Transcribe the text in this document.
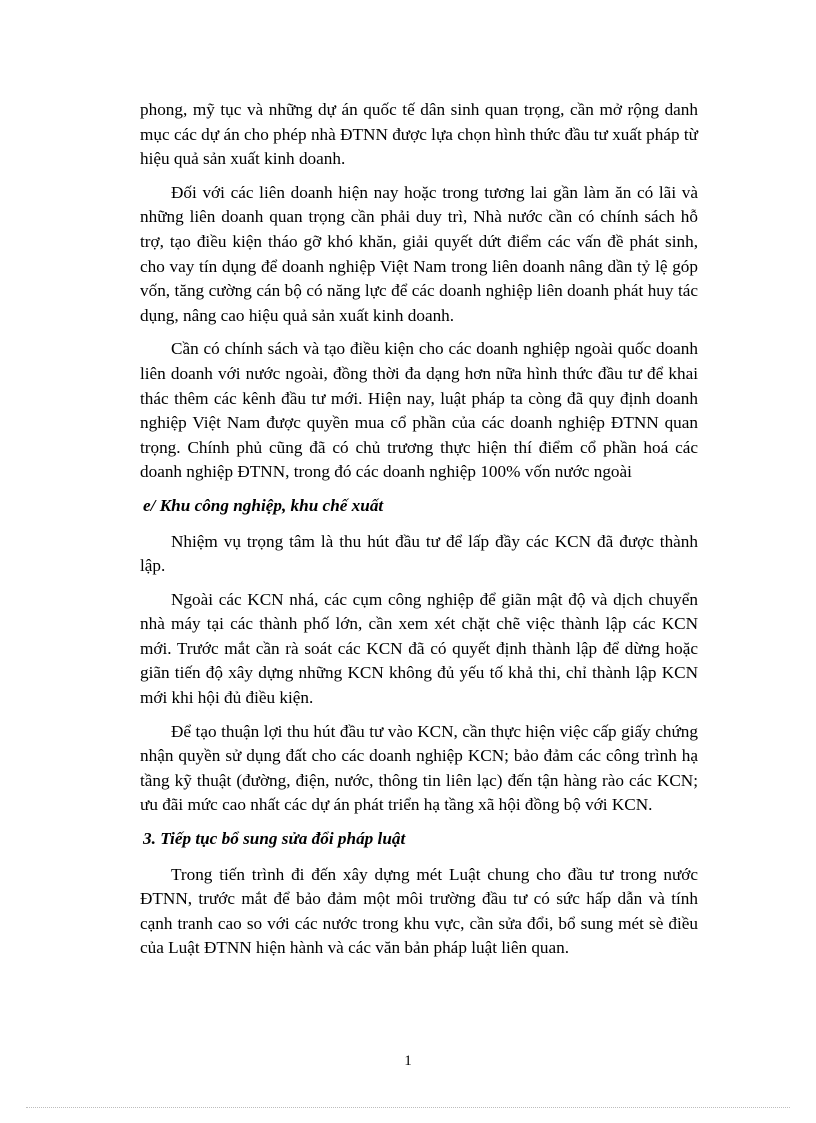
phong, mỹ tục và những dự án quốc tế dân sinh quan trọng, cần mở rộng danh mục các dự án cho phép nhà ĐTNN được lựa chọn hình thức đầu tư xuất pháp từ hiệu quả sản xuất kinh doanh.

Đối với các liên doanh hiện nay hoặc trong tương lai gần làm ăn có lãi và những liên doanh quan trọng cần phải duy trì, Nhà nước cần có chính sách hỗ trợ, tạo điều kiện tháo gỡ khó khăn, giải quyết dứt điểm các vấn đề phát sinh, cho vay tín dụng để doanh nghiệp Việt Nam trong liên doanh nâng dần tỷ lệ góp vốn, tăng cường cán bộ có năng lực để các doanh nghiệp liên doanh phát huy tác dụng, nâng cao hiệu quả sản xuất kinh doanh.

Cần có chính sách và tạo điều kiện cho các doanh nghiệp ngoài quốc doanh liên doanh với nước ngoài, đồng thời đa dạng hơn nữa hình thức đầu tư để khai thác thêm các kênh đầu tư mới. Hiện nay, luật pháp ta còng đã quy định doanh nghiệp Việt Nam được quyền mua cổ phần của các doanh nghiệp ĐTNN quan trọng. Chính phủ cũng đã có chủ trương thực hiện thí điểm cổ phần hoá các doanh nghiệp ĐTNN, trong đó các doanh nghiệp 100% vốn nước ngoài

e/ Khu công nghiệp, khu chế xuất

Nhiệm vụ trọng tâm là thu hút đầu tư để lấp đầy các KCN đã được thành lập.

Ngoài các KCN nhá, các cụm công nghiệp để giãn mật độ và dịch chuyển nhà máy tại các thành phố lớn, cần xem xét chặt chẽ việc thành lập các KCN mới. Trước mắt cần rà soát các KCN đã có quyết định thành lập để dừng hoặc giãn tiến độ xây dựng những KCN không đủ yếu tố khả thi, chỉ thành lập KCN mới khi hội đủ điều kiện.

Để tạo thuận lợi thu hút đầu tư vào KCN, cần thực hiện việc cấp giấy chứng nhận quyền sử dụng đất cho các doanh nghiệp KCN; bảo đảm các công trình hạ tầng kỹ thuật (đường, điện, nước, thông tin liên lạc) đến tận hàng rào các KCN; ưu đãi mức cao nhất các dự án phát triển hạ tầng xã hội đồng bộ với KCN.

3. Tiếp tục bổ sung sửa đổi pháp luật

Trong tiến trình đi đến xây dựng mét Luật chung cho đầu tư trong nước ĐTNN, trước mắt để bảo đảm một môi trường đầu tư có sức hấp dẫn và tính cạnh tranh cao so với các nước trong khu vực, cần sửa đổi, bổ sung mét sè điều của Luật ĐTNN hiện hành và các văn bản pháp luật liên quan.

1
